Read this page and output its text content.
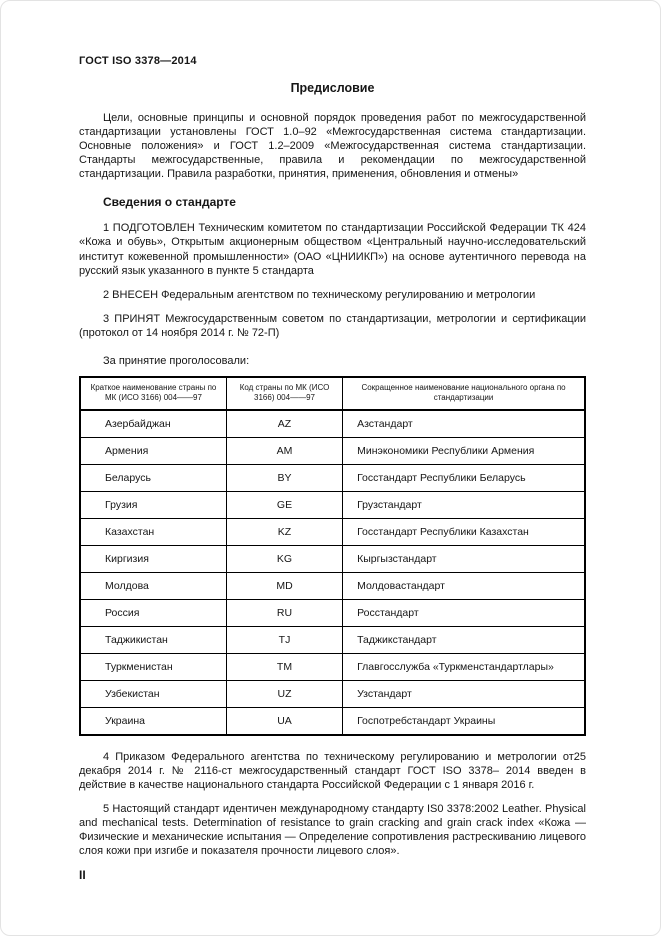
ГОСТ ISO 3378—2014
Предисловие

Цели, основные принципы и основной порядок проведения работ по межгосударственной стандартизации установлены ГОСТ 1.0–92 «Межгосударственная система стандартизации. Основные положения» и ГОСТ 1.2–2009 «Межгосударственная система стандартизации. Стандарты межгосударственные, правила и рекомендации по межгосударственной стандартизации. Правила разработки, принятия, применения, обновления и отмены»

Сведения о стандарте

1 ПОДГОТОВЛЕН Техническим комитетом по стандартизации Российской Федерации ТК 424 «Кожа и обувь», Открытым акционерным обществом «Центральный научно-исследовательский институт кожевенной промышленности» (ОАО «ЦНИИКП») на основе аутентичного перевода на русский язык указанного в пункте 5 стандарта

2 ВНЕСЕН Федеральным агентством по техническому регулированию и метрологии

3 ПРИНЯТ Межгосударственным советом по стандартизации, метрологии и сертификации (протокол от 14 ноября 2014 г. № 72-П)

За принятие проголосовали:

Краткое наименование страны по МК (ИСО 3166) 004——97	Код страны по МК (ИСО 3166) 004——97	Сокращенное наименование национального органа по стандартизации
Азербайджан	AZ	Азстандарт
Армения	AM	Минэкономики Республики Армения
Беларусь	BY	Госстандарт Республики Беларусь
Грузия	GE	Грузстандарт
Казахстан	KZ	Госстандарт Республики Казахстан
Киргизия	KG	Кыргызстандарт
Молдова	MD	Молдовастандарт
Россия	RU	Росстандарт
Таджикистан	TJ	Таджикстандарт
Туркменистан	TM	Главгосслужба «Туркменстандартлары»
Узбекистан	UZ	Узстандарт
Украина	UA	Госпотребстандарт Украины

4 Приказом Федерального агентства по техническому регулированию и метрологии от25 декабря 2014 г. № 2116-ст межгосударственный стандарт ГОСТ ISO 3378– 2014 введен в действие в качестве национального стандарта Российской Федерации с 1 января 2016 г.

5 Настоящий стандарт идентичен международному стандарту IS0 3378:2002 Leather. Physical and mechanical tests. Determination of resistance to grain cracking and grain crack index «Кожа — Физические и механические испытания — Определение сопротивления растрескиванию лицевого слоя кожи при изгибе и показателя прочности лицевого слоя».

II
